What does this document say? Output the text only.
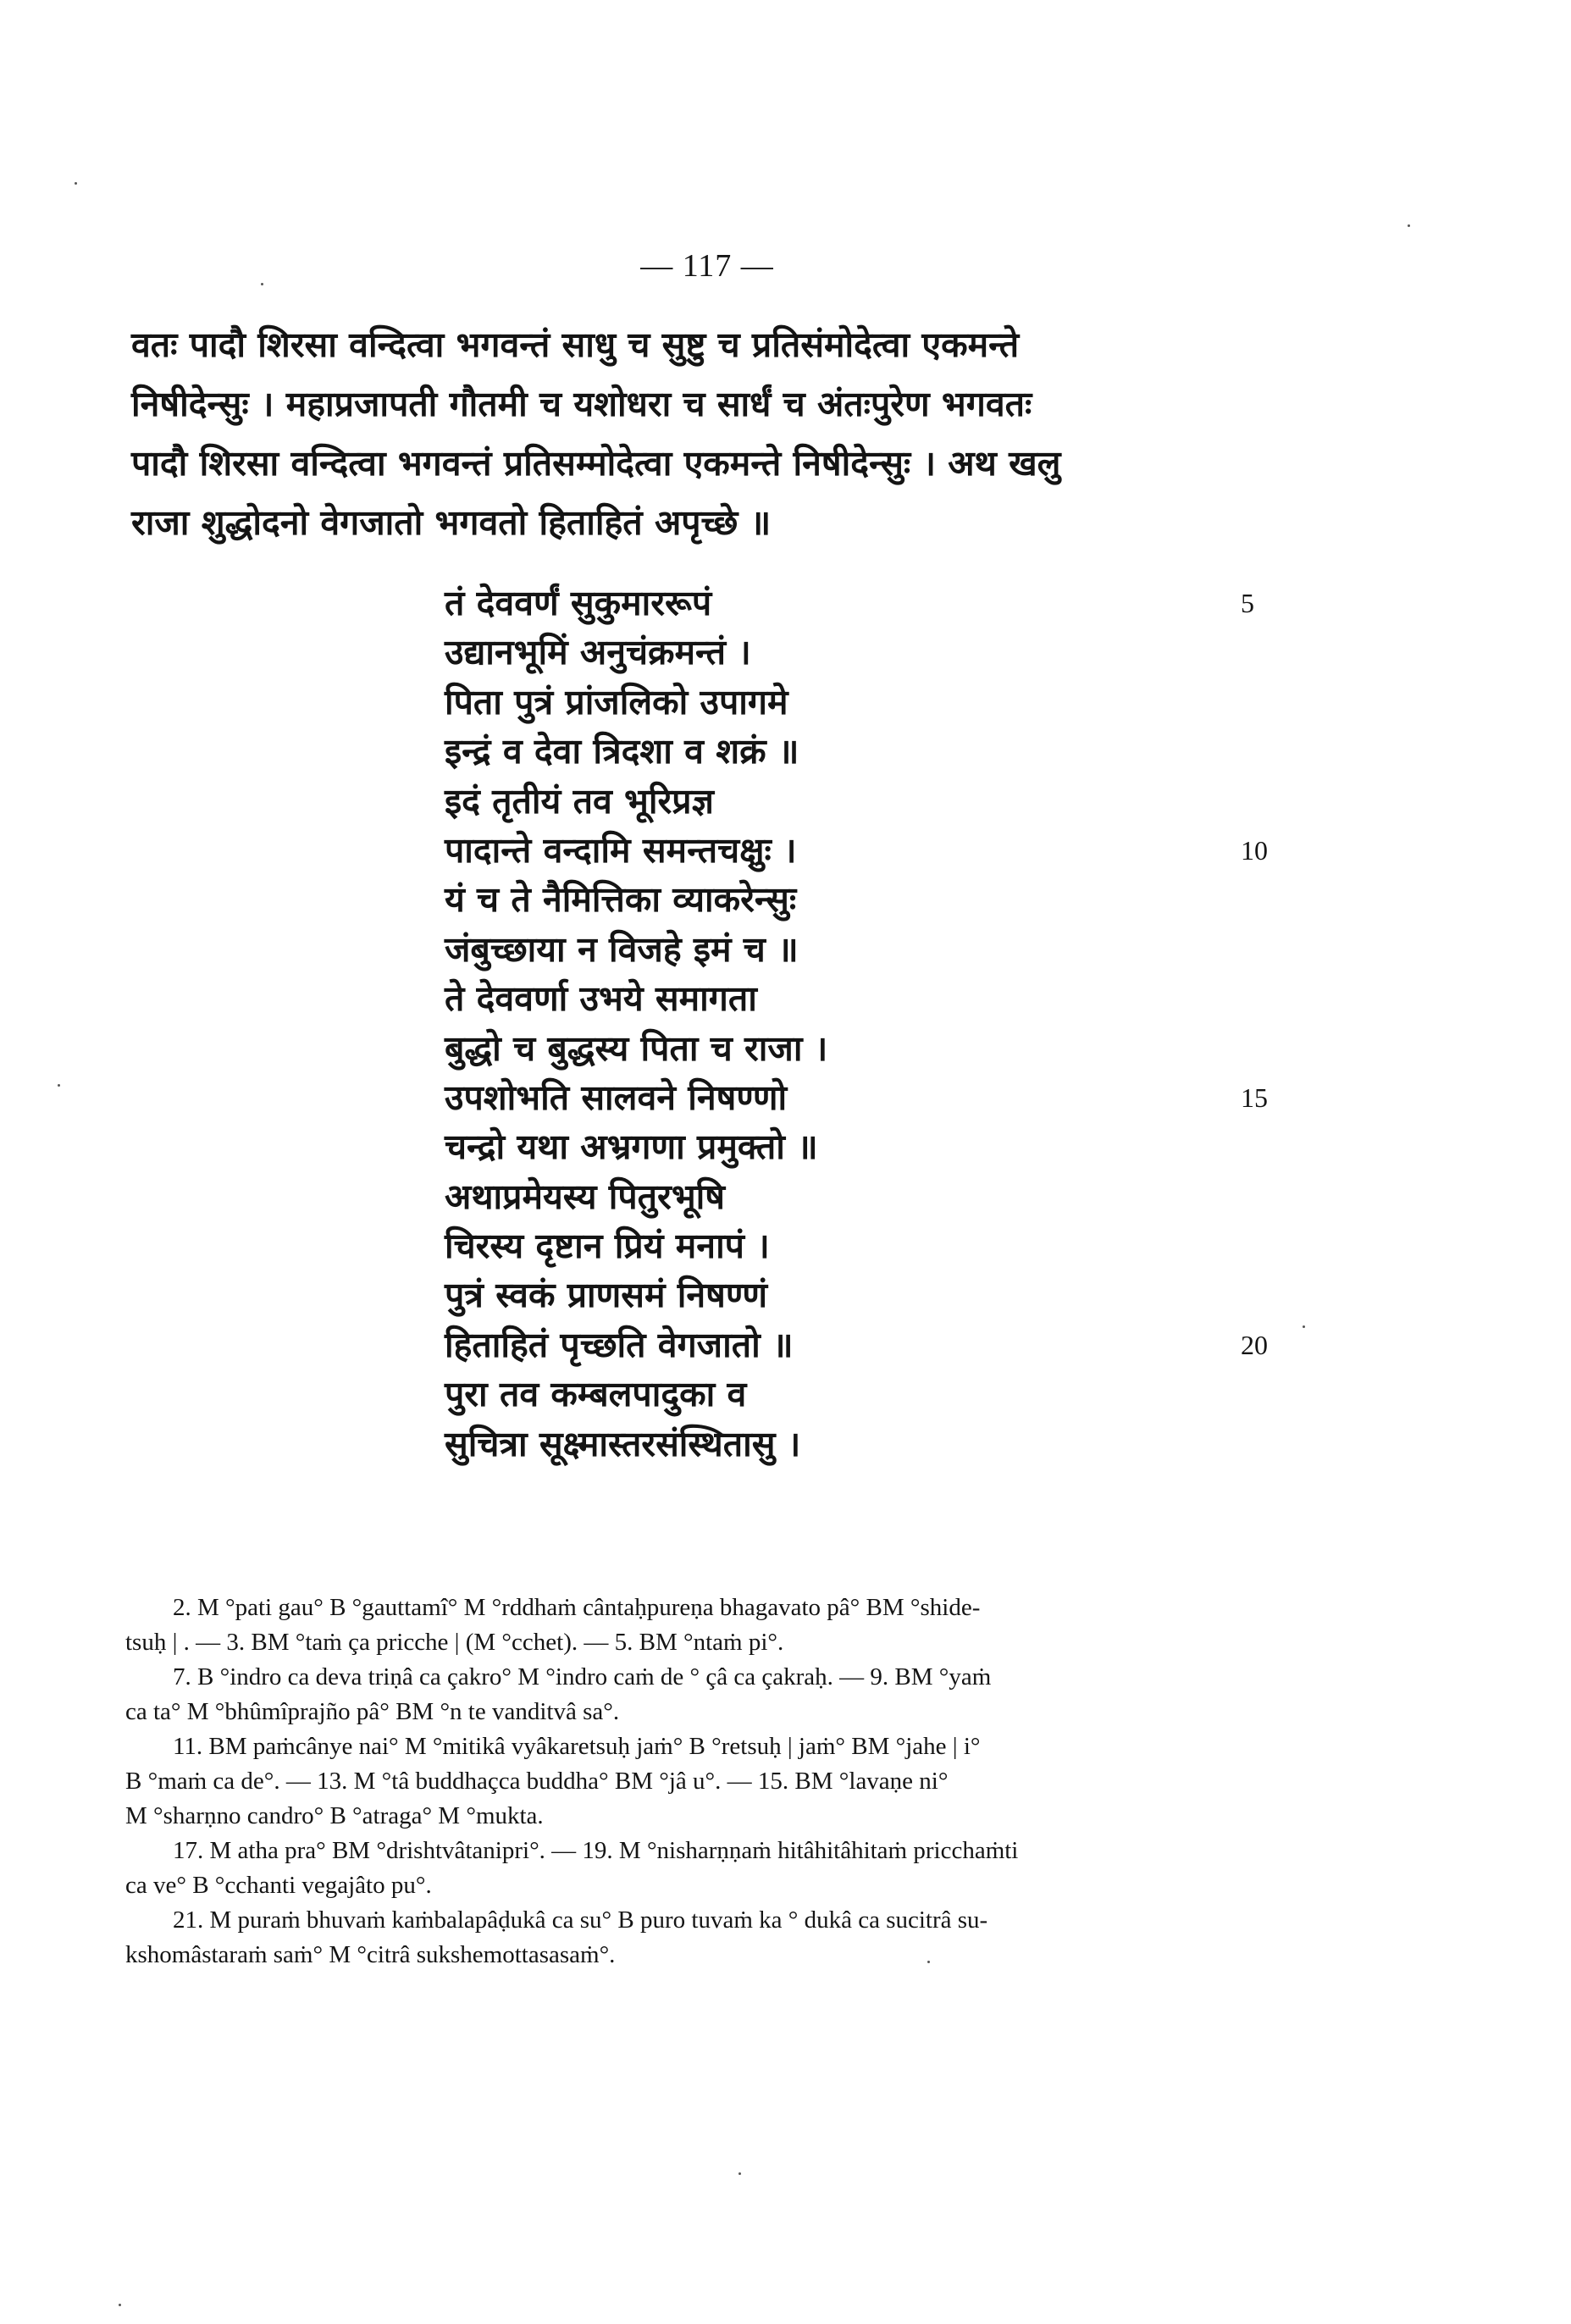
— 117 —
वतः पादौ शिरसा वन्दित्वा भगवन्तं साधु च सुष्टु च प्रतिसंमोदेत्वा एकमन्ते
निषीदेन्सुः । महाप्रजापती गौतमी च यशोधरा च सार्धं च अंतःपुरेण भगवतः
पादौ शिरसा वन्दित्वा भगवन्तं प्रतिसम्मोदेत्वा एकमन्ते निषीदेन्सुः । अथ खलु
राजा शुद्धोदनो वेगजातो भगवतो हिताहितं अपृच्छे ॥
तं देववर्णं सुकुमाररूपं	5
उद्यानभूमिं अनुचंक्रमन्तं ।
पिता पुत्रं प्रांजलिको उपागमे
इन्द्रं व देवा त्रिदशा व शक्रं ॥
इदं तृतीयं तव भूरिप्रज्ञ
पादान्ते वन्दामि समन्तचक्षुः ।	10
यं च ते नैमित्तिका व्याकरेन्सुः
जंबुच्छाया न विजहे इमं च ॥
ते देववर्णा उभये समागता
बुद्धो च बुद्धस्य पिता च राजा ।
उपशोभति सालवने निषण्णो	15
चन्द्रो यथा अभ्रगणा प्रमुक्तो ॥
अथाप्रमेयस्य पितुरभूषि
चिरस्य दृष्टान प्रियं मनापं ।
पुत्रं स्वकं प्राणसमं निषण्णं
हिताहितं पृच्छति वेगजातो ॥	20
पुरा तव कम्बलपादुका व
सुचित्रा सूक्ष्मास्तरसंस्थितासु ।
2. M °pati gau° B °gauttamî° M °rddhaṁ cântaḥpureṇa bhagavato pâ° BM °shide-
tsuḥ | . — 3. BM °taṁ ça pricche | (M °cchet). — 5. BM °ntaṁ pi°.
7. B °indro ca deva triṇâ ca çakro° M °indro caṁ de ° çâ ca çakraḥ. — 9. BM °yaṁ
ca ta° M °bhûmîprajño pâ° BM °n te vanditvâ sa°.
11. BM paṁcânye nai° M °mitikâ vyâkaretsuḥ jaṁ° B °retsuḥ | jaṁ° BM °jahe | i°
B °maṁ ca de°. — 13. M °tâ buddhaçca buddha° BM °jâ u°. — 15. BM °lavaṇe ni°
M °sharṇno candro° B °atraga° M °mukta.
17. M atha pra° BM °drishtvâtanipri°. — 19. M °nisharṇṇaṁ hitâhitâhitaṁ pricchaṁti
ca ve° B °cchanti vegajâto pu°.
21. M puraṁ bhuvaṁ kaṁbalapâḍukâ ca su° B puro tuvaṁ ka ° dukâ ca sucitrâ su-
kshomâstaraṁ saṁ° M °citrâ sukshemottasasaṁ°.
